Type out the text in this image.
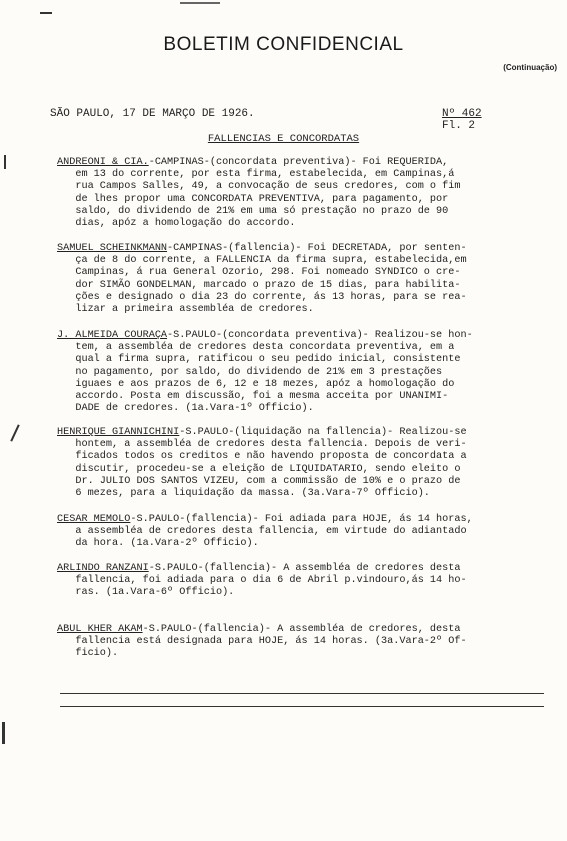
BOLETIM CONFIDENCIAL
(Continuação)
SÃO PAULO, 17 DE MARÇO DE 1926.	Nº 462
Fl. 2
FALLENCIAS E CONCORDATAS
ANDREONI & CIA.-CAMPINAS-(concordata preventiva)- Foi REQUERIDA,
em 13 do corrente, por esta firma, estabelecida, em Campinas,á
rua Campos Salles, 49, a convocação de seus credores, com o fim
de lhes propor uma CONCORDATA PREVENTIVA, para pagamento, por
saldo, do dividendo de 21% em uma só prestação no prazo de 90
dias, apóz a homologação do accordo.
SAMUEL SCHEINKMANN-CAMPINAS-(fallencia)- Foi DECRETADA, por senten-
ça de 8 do corrente, a FALLENCIA da firma supra, estabelecida,em
Campinas, á rua General Ozorio, 298. Foi nomeado SYNDICO o cre-
dor SIMÃO GONDELMAN, marcado o prazo de 15 dias, para habilita-
ções e designado o dia 23 do corrente, ás 13 horas, para se rea-
lizar a primeira assembléa de credores.
J. ALMEIDA COURAÇA-S.PAULO-(concordata preventiva)- Realizou-se hon-
tem, a assembléa de credores desta concordata preventiva, em a
qual a firma supra, ratificou o seu pedido inicial, consistente
no pagamento, por saldo, do dividendo de 21% em 3 prestações
iguaes e aos prazos de 6, 12 e 18 mezes, apóz a homologação do
accordo. Posta em discussão, foi a mesma acceita por UNANIMI-
DADE de credores. (1a.Vara-1º Officio).
HENRIQUE GIANNICHINI-S.PAULO-(liquidação na fallencia)- Realizou-se
hontem, a assembléa de credores desta fallencia. Depois de veri-
ficados todos os creditos e não havendo proposta de concordata a
discutir, procedeu-se a eleição de LIQUIDATARIO, sendo eleito o
Dr. JULIO DOS SANTOS VIZEU, com a commissão de 10% e o prazo de
6 mezes, para a liquidação da massa. (3a.Vara-7º Officio).
CESAR MEMOLO-S.PAULO-(fallencia)- Foi adiada para HOJE, ás 14 horas,
a assembléa de credores desta fallencia, em virtude do adiantado
da hora. (1a.Vara-2º Officio).
ARLINDO RANZANI-S.PAULO-(fallencia)- A assembléa de credores desta
fallencia, foi adiada para o dia 6 de Abril p.vindouro,ás 14 ho-
ras. (1a.Vara-6º Officio).
ABUL KHER AKAM-S.PAULO-(fallencia)- A assembléa de credores, desta
fallencia está designada para HOJE, ás 14 horas. (3a.Vara-2º Of-
ficio).
